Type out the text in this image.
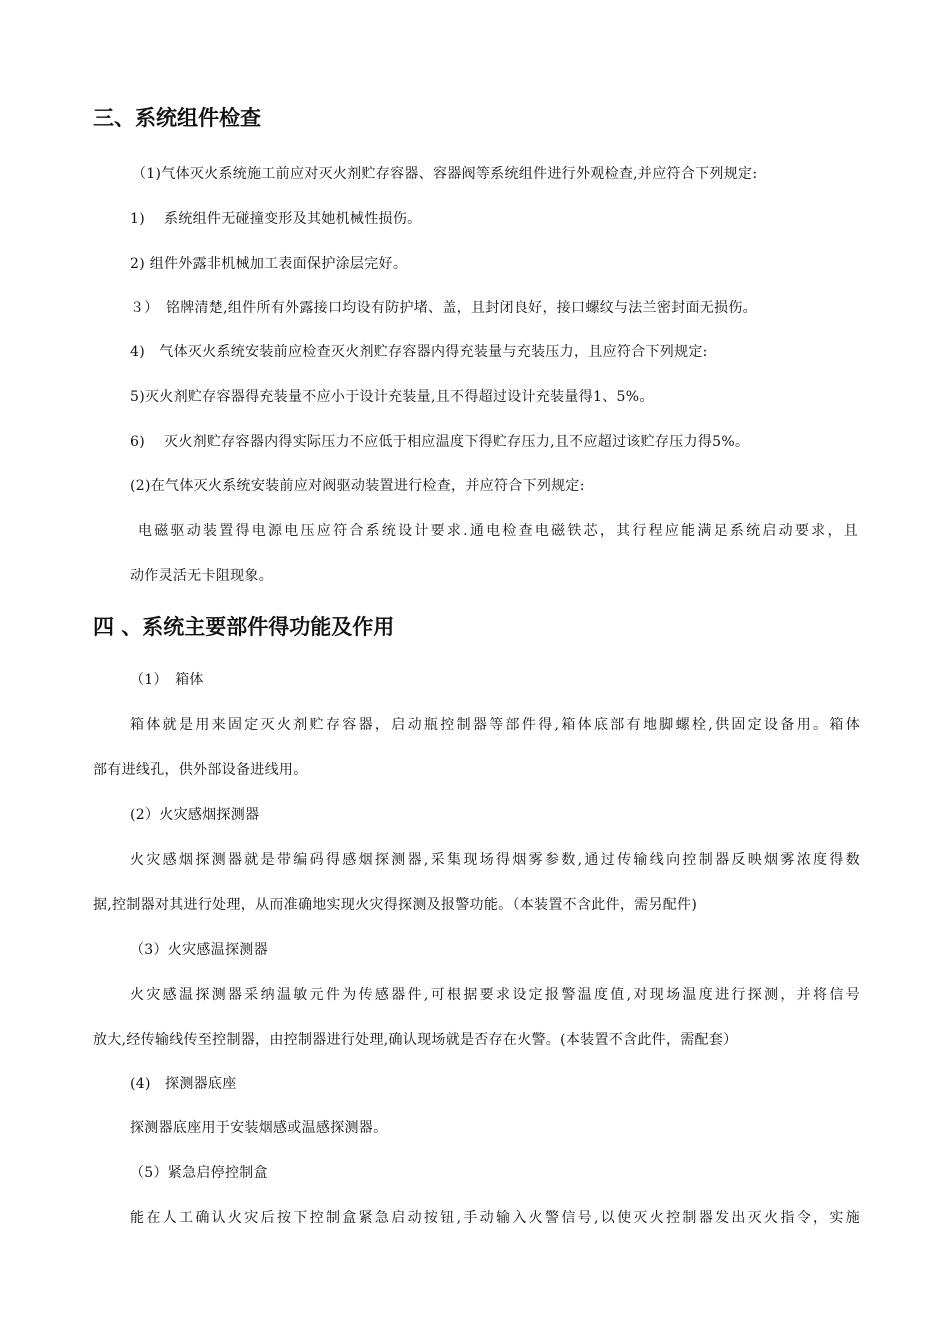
三、系统组件检查
（1)气体灭火系统施工前应对灭火剂贮存容器、容器阀等系统组件进行外观检查,并应符合下列规定:
1)　 系统组件无碰撞变形及其她机械性损伤。
2) 组件外露非机械加工表面保护涂层完好。
３）　铭牌清楚,组件所有外露接口均设有防护堵、盖，且封闭良好，接口螺纹与法兰密封面无损伤。
4)　气体灭火系统安装前应检查灭火剂贮存容器内得充装量与充装压力，且应符合下列规定:
5)灭火剂贮存容器得充装量不应小于设计充装量,且不得超过设计充装量得1、5%。
6)　 灭火剂贮存容器内得实际压力不应低于相应温度下得贮存压力,且不应超过该贮存压力得5%。
(2)在气体灭火系统安装前应对阀驱动装置进行检查，并应符合下列规定:
电磁驱动装置得电源电压应符合系统设计要求.通电检查电磁铁芯，其行程应能满足系统启动要求，且
动作灵活无卡阻现象。
四 、系统主要部件得功能及作用
（1）　箱体
箱体就是用来固定灭火剂贮存容器，启动瓶控制器等部件得,箱体底部有地脚螺栓,供固定设备用。箱体
部有进线孔，供外部设备进线用。
(2）火灾感烟探测器
火灾感烟探测器就是带编码得感烟探测器,采集现场得烟雾参数,通过传输线向控制器反映烟雾浓度得数
据,控制器对其进行处理，从而准确地实现火灾得探测及报警功能。（本装置不含此件，需另配件)
（3）火灾感温探测器
火灾感温探测器采纳温敏元件为传感器件,可根据要求设定报警温度值,对现场温度进行探测，并将信号
放大,经传输线传至控制器，由控制器进行处理,确认现场就是否存在火警。(本装置不含此件，需配套）
(4)　探测器底座
探测器底座用于安装烟感或温感探测器。
（5）紧急启停控制盒
能在人工确认火灾后按下控制盒紧急启动按钮,手动输入火警信号,以使灭火控制器发出灭火指令，实施
